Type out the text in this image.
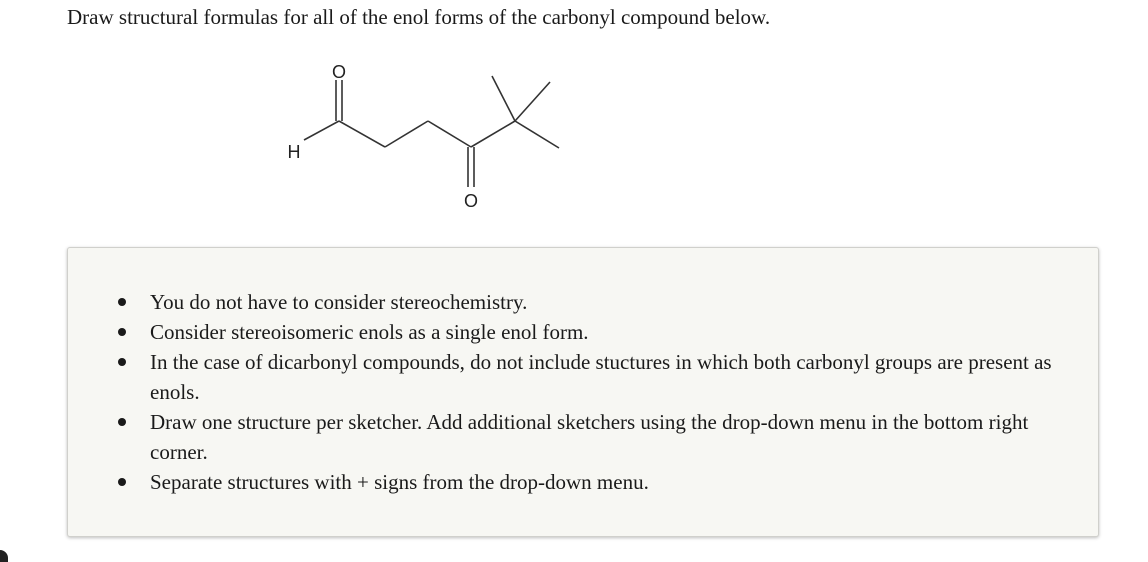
Draw structural formulas for all of the enol forms of the carbonyl compound below.
O
H
O
You do not have to consider stereochemistry.
Consider stereoisomeric enols as a single enol form.
In the case of dicarbonyl compounds, do not include stuctures in which both carbonyl groups are present as enols.
Draw one structure per sketcher. Add additional sketchers using the drop-down menu in the bottom right corner.
Separate structures with + signs from the drop-down menu.
